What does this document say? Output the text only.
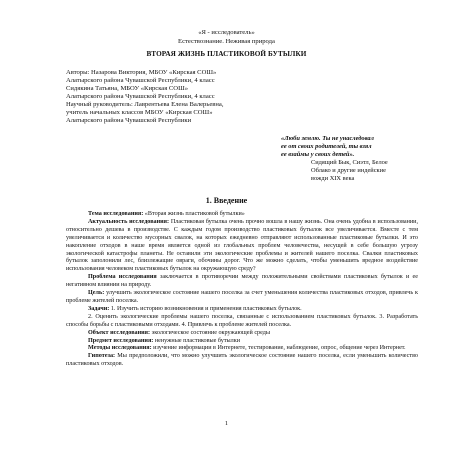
«Я - исследователь»
Естествознание. Неживая природа
ВТОРАЯ ЖИЗНЬ ПЛАСТИКОВОЙ БУТЫЛКИ
Авторы: Назарова Виктория, МБОУ «Кирская СОШ»
Алатырского района Чувашской Республики, 4 класс
Сидякина Татьяна, МБОУ «Кирская СОШ»
Алатырского района Чувашской Республики, 4 класс
Научный руководитель: Лаврентьева Елена Валерьевна,
учитель начальных классов МБОУ «Кирская СОШ»
Алатырского района Чувашской Республики
«Люби землю. Ты не унаследовал
ее от своих родителей, ты взял
ее взаймы у своих детей».
Сидящий Бык, Сиэтл, Белое
Облако и другие индейские
вожди XIX века
1. Введение

Тема исследования: «Вторая жизнь пластиковой бутылки»

Актуальность исследования: Пластиковая бутылка очень прочно вошла в нашу жизнь. Она очень удобна в использовании, относительно дешева в производстве. С каждым годом производство пластиковых бутылок все увеличивается. Вместе с тем увеличивается и количество мусорных свалок, на которых ежедневно отправляют использованные пластиковые бутылки. И это накопление отходов в наше время является одной из глобальных проблем человечества, несущей в себе большую угрозу экологической катастрофы планеты. Не оставили эти экологические проблемы и жителей нашего поселка. Свалки пластиковых бутылок заполонили лес, близлежащие овраги, обочины дорог. Что же можно сделать, чтобы уменьшить вредное воздействие использования человеком пластиковых бутылок на окружающую среду?

Проблема исследования заключается в противоречии между положительными свойствами пластиковых бутылок и ее негативном влиянии на природу.

Цель: улучшить экологическое состояние нашего поселка за счет уменьшения количества пластиковых отходов, привлечь к проблеме жителей поселка.

Задачи: 1. Изучить историю возникновения и применения пластиковых бутылок.

2. Оценить экологические проблемы нашего поселка, связанные с использованием пластиковых бутылок. 3. Разработать способы борьбы с пластиковыми отходами. 4. Привлечь к проблеме жителей поселка.

Объект исследования: экологическое состояние окружающей среды

Предмет исследования: ненужные пластиковые бутылки

Методы исследования: изучение информации в Интернете, тестирование, наблюдение, опрос, общение через Интернет.

Гипотеза: Мы предположили, что можно улучшить экологическое состояние нашего поселка, если уменьшить количество пластиковых отходов.

1
